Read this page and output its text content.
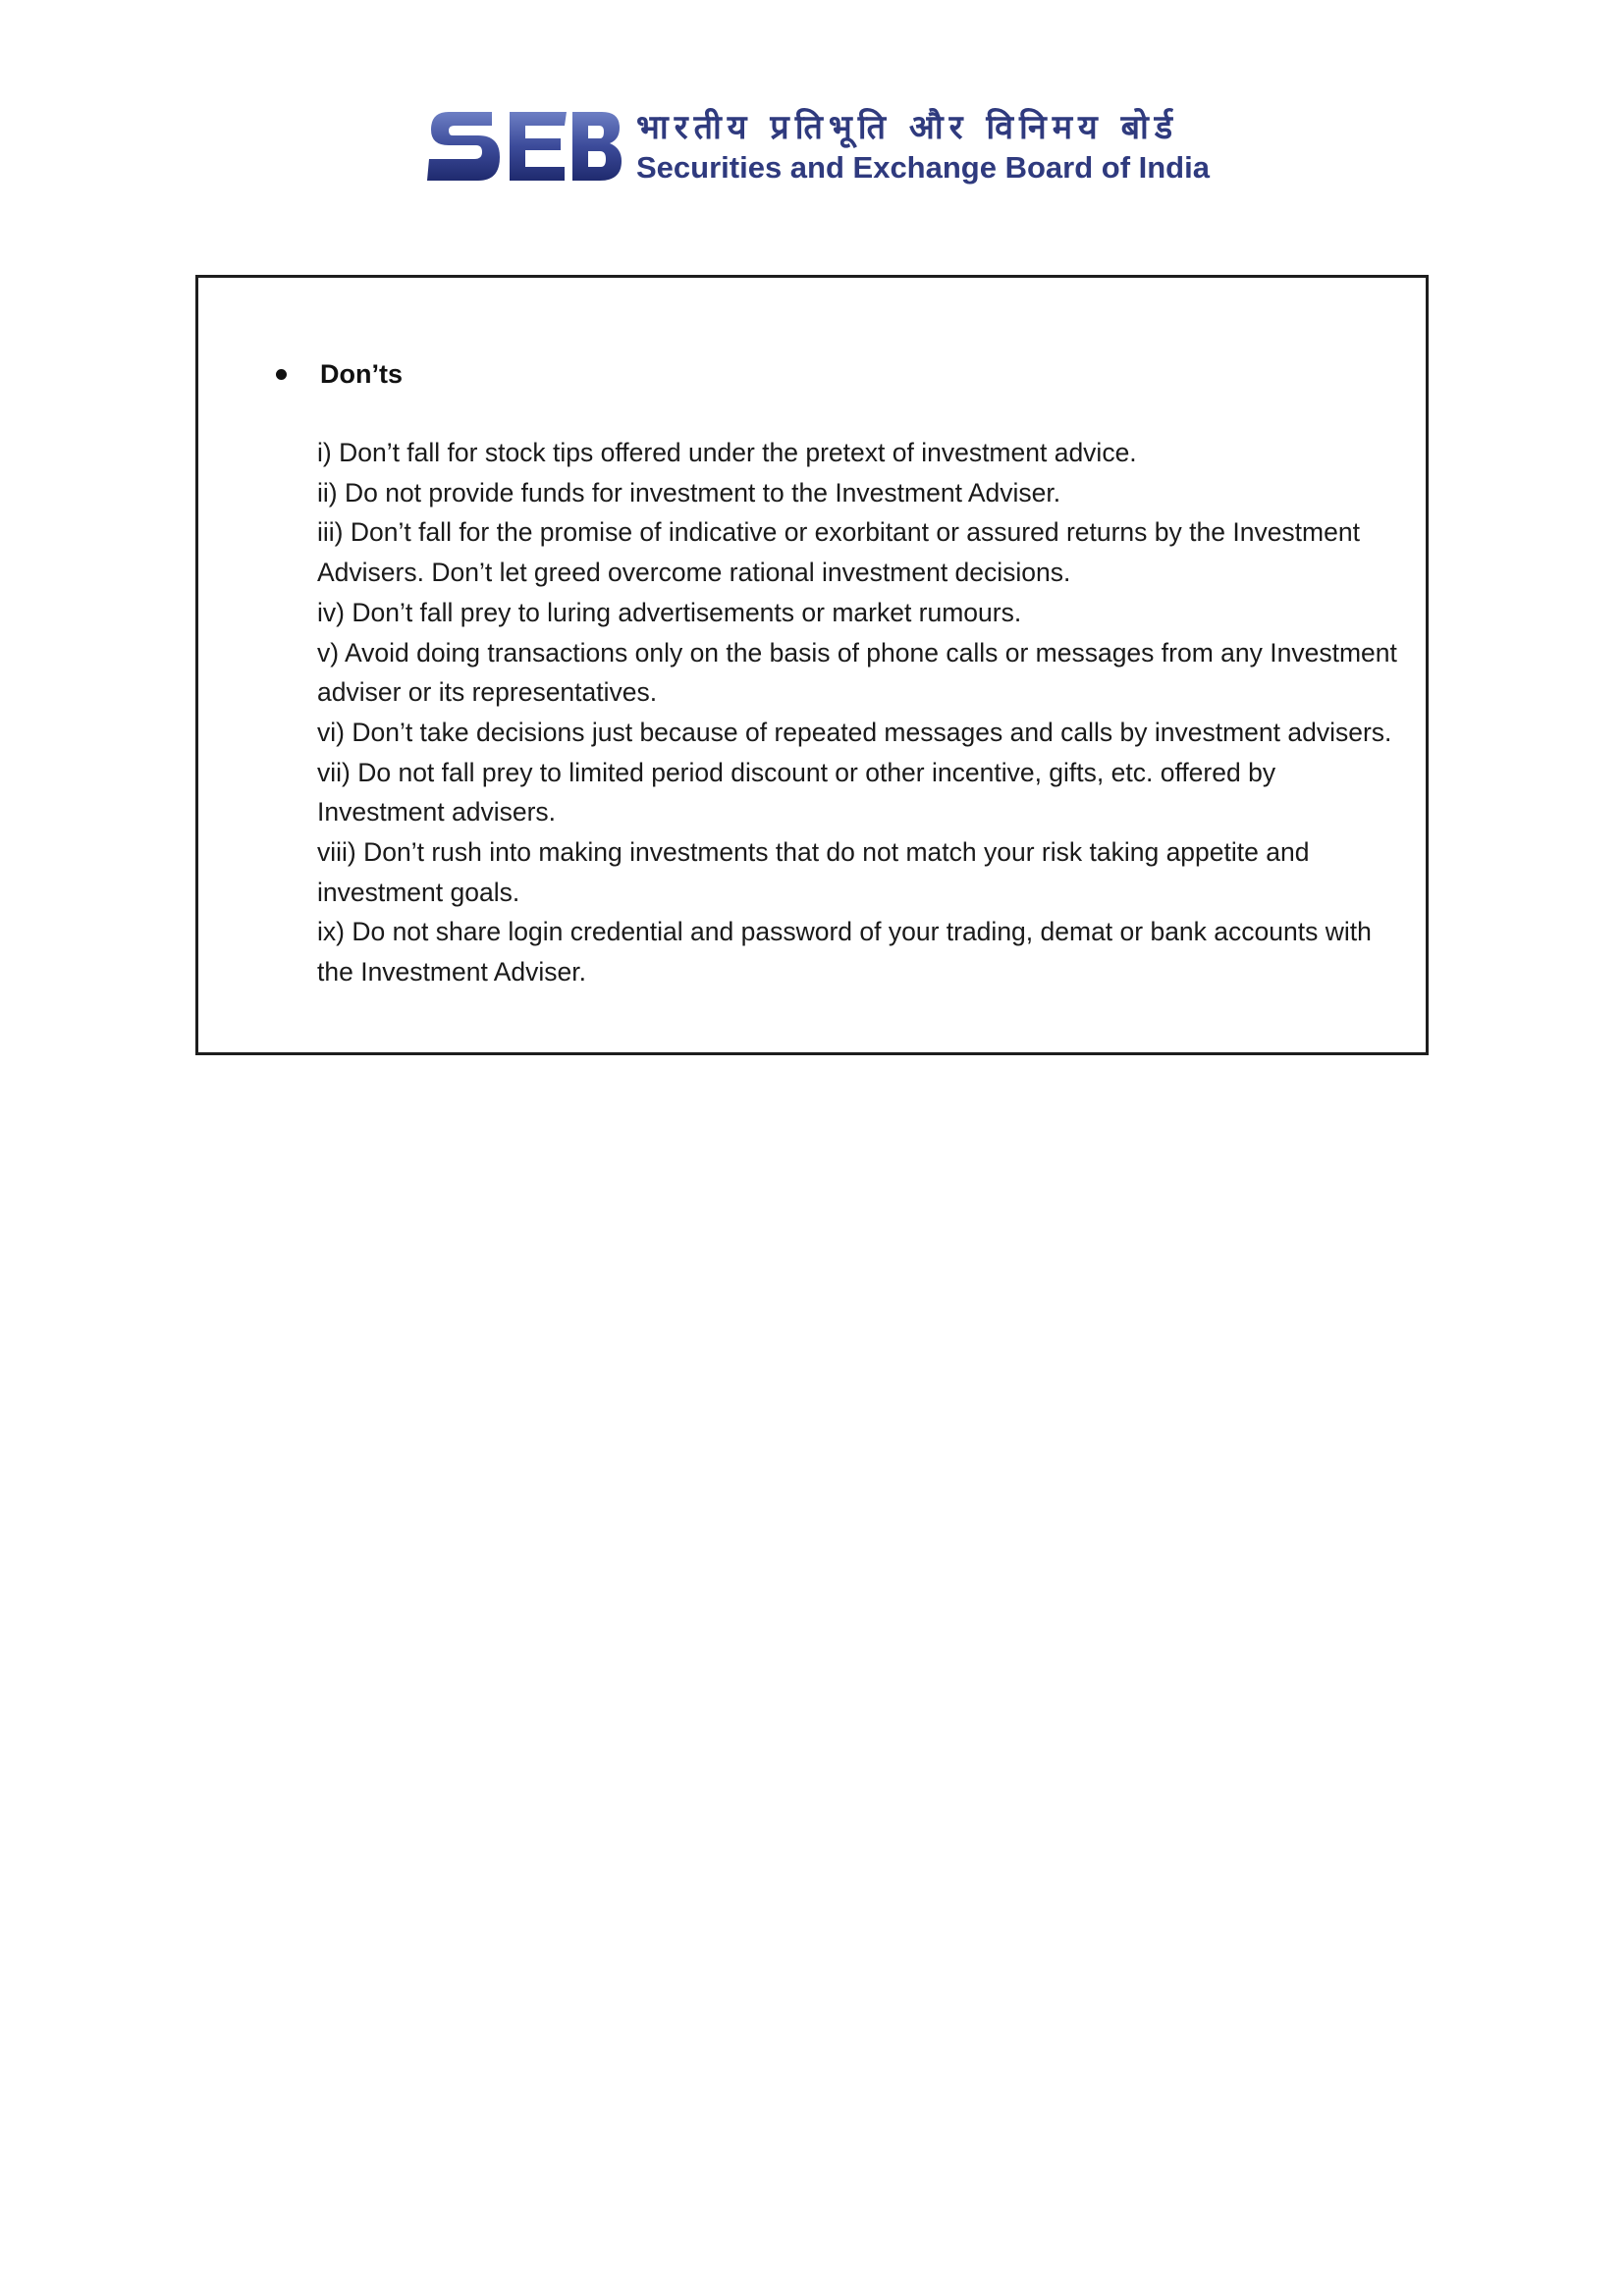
भारतीय प्रतिभूति और विनिमय बोर्ड
Securities and Exchange Board of India
Don’ts
i) Don’t fall for stock tips offered under the pretext of investment advice.
ii) Do not provide funds for investment to the Investment Adviser.
iii) Don’t fall for the promise of indicative or exorbitant or assured returns by the Investment Advisers. Don’t let greed overcome rational investment decisions.
iv) Don’t fall prey to luring advertisements or market rumours.
v) Avoid doing transactions only on the basis of phone calls or messages from any Investment adviser or its representatives.
vi) Don’t take decisions just because of repeated messages and calls by investment advisers.
vii) Do not fall prey to limited period discount or other incentive, gifts, etc. offered by Investment advisers.
viii) Don’t rush into making investments that do not match your risk taking appetite and investment goals.
ix) Do not share login credential and password of your trading, demat or bank accounts with the Investment Adviser.
